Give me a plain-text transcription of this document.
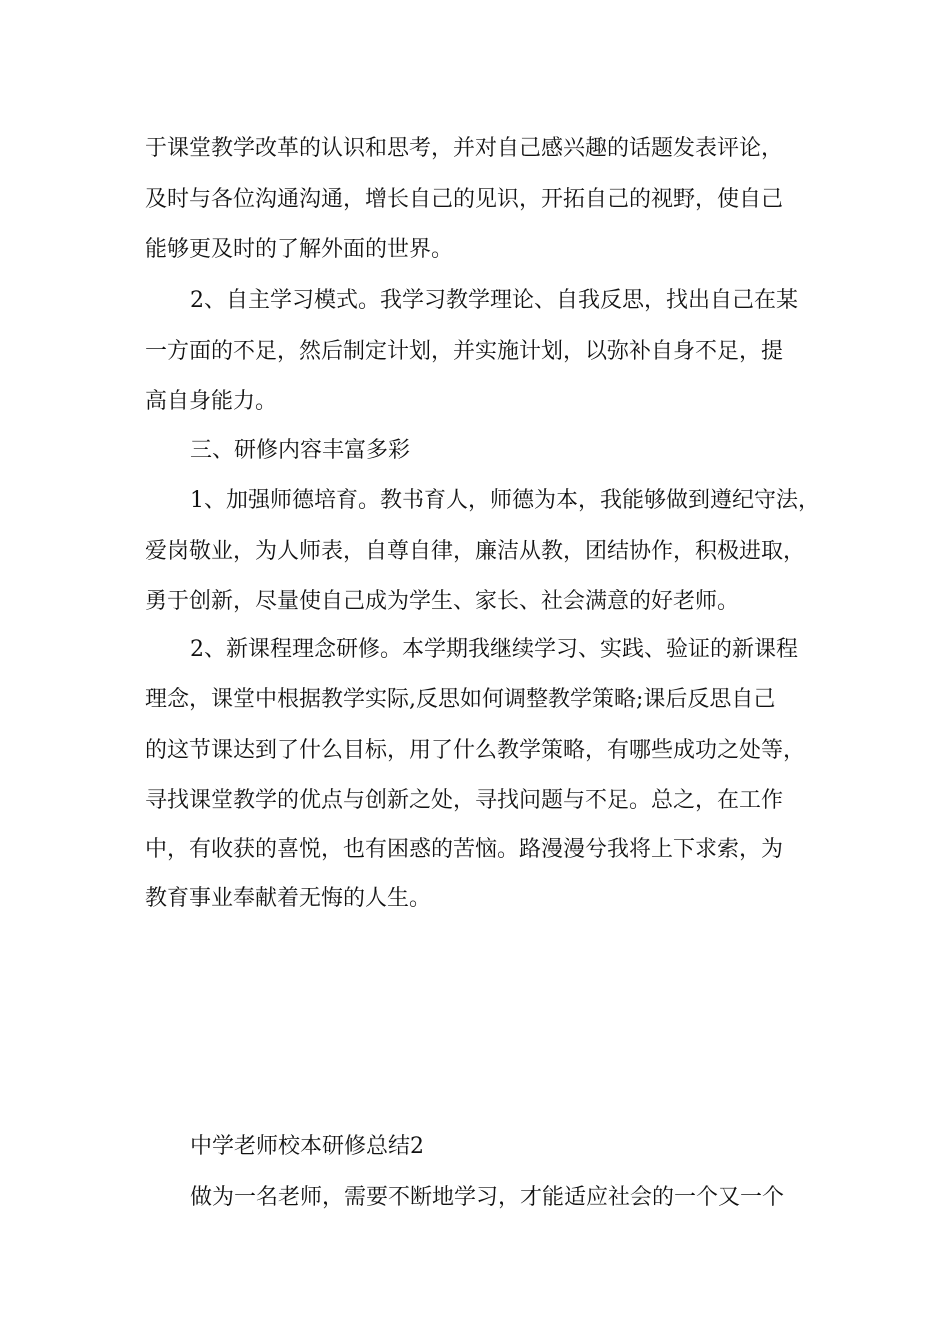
于课堂教学改革的认识和思考，并对自己感兴趣的话题发表评论，

及时与各位沟通沟通，增长自己的见识，开拓自己的视野，使自己

能够更及时的了解外面的世界。

2、自主学习模式。我学习教学理论、自我反思，找出自己在某

一方面的不足，然后制定计划，并实施计划，以弥补自身不足，提

高自身能力。

三、研修内容丰富多彩

1、加强师德培育。教书育人，师德为本，我能够做到遵纪守法，

爱岗敬业，为人师表，自尊自律，廉洁从教，团结协作，积极进取，

勇于创新，尽量使自己成为学生、家长、社会满意的好老师。

2、新课程理念研修。本学期我继续学习、实践、验证的新课程

理念，课堂中根据教学实际,反思如何调整教学策略;课后反思自己

的这节课达到了什么目标，用了什么教学策略，有哪些成功之处等，

寻找课堂教学的优点与创新之处，寻找问题与不足。总之，在工作

中，有收获的喜悦，也有困惑的苦恼。路漫漫兮我将上下求索，为

教育事业奉献着无悔的人生。

中学老师校本研修总结2

做为一名老师，需要不断地学习，才能适应社会的一个又一个
